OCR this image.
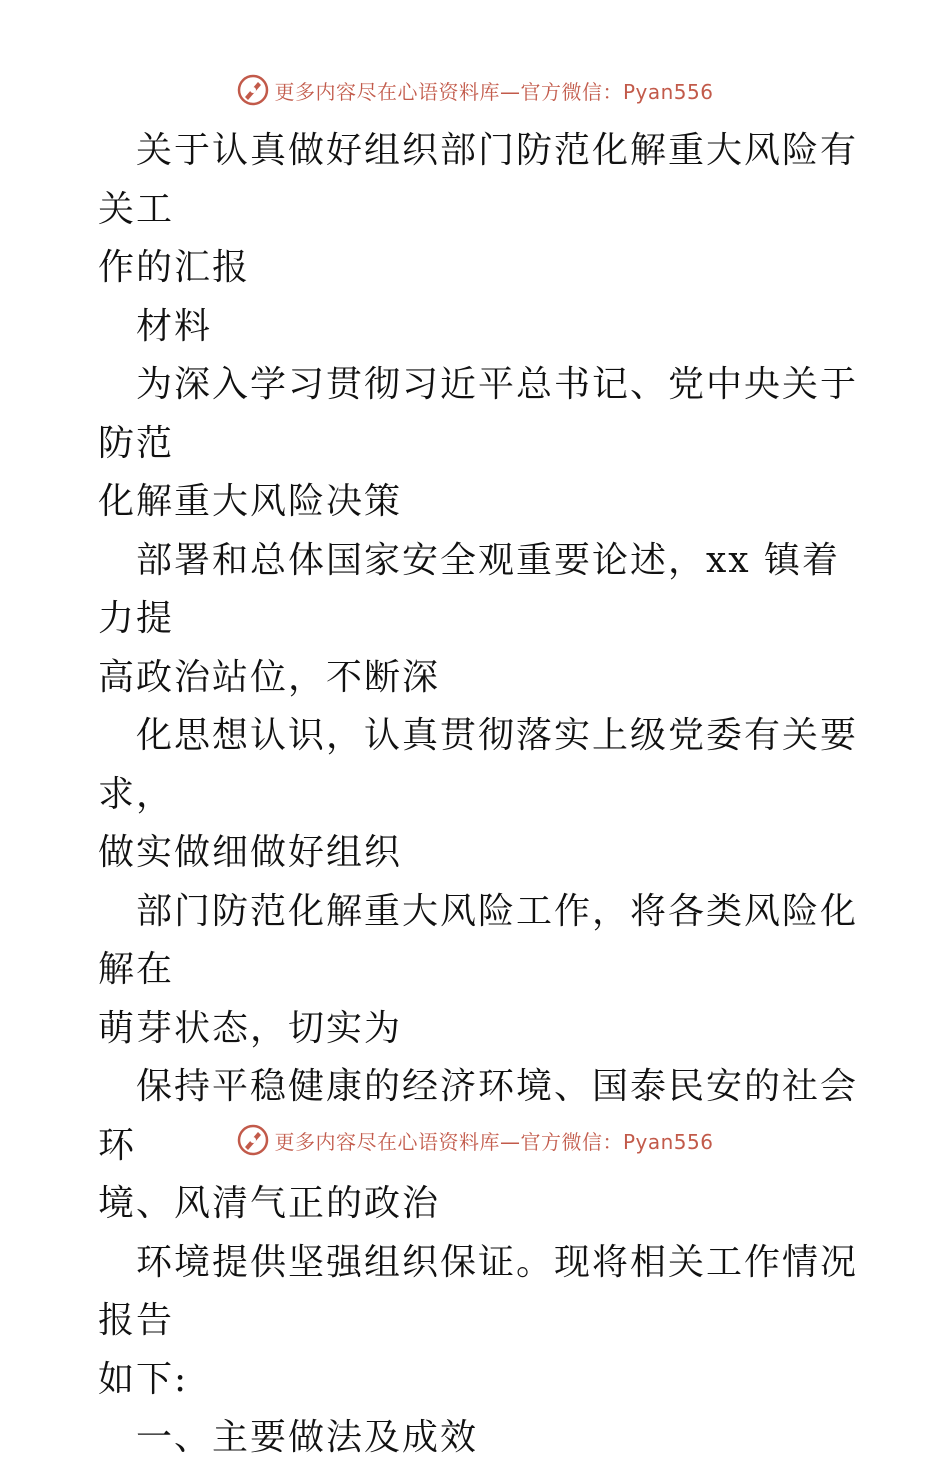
更多内容尽在心语资料库—官方微信：Pyan556

关于认真做好组织部门防范化解重大风险有关工
作的汇报

材料

为深入学习贯彻习近平总书记、党中央关于防范
化解重大风险决策

部署和总体国家安全观重要论述，xx 镇着力提
高政治站位，不断深

化思想认识，认真贯彻落实上级党委有关要求，
做实做细做好组织

部门防范化解重大风险工作，将各类风险化解在
萌芽状态，切实为

保持平稳健康的经济环境、国泰民安的社会环
境、风清气正的政治

环境提供坚强组织保证。现将相关工作情况报告
如下:

一、主要做法及成效

更多内容尽在心语资料库—官方微信：Pyan556
